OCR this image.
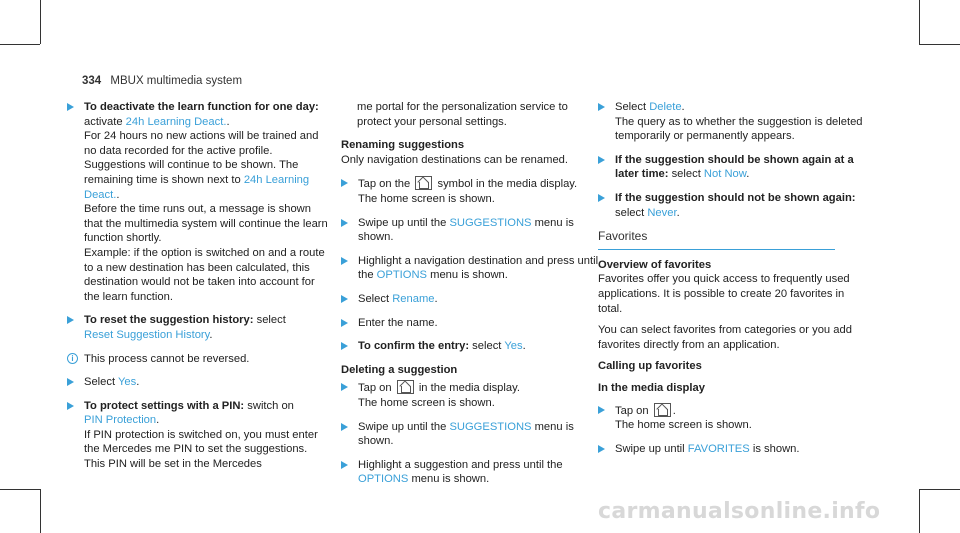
334 MBUX multimedia system

To deactivate the learn function for one day: activate 24h Learning Deact..

For 24 hours no new actions will be trained and no data recorded for the active profile. Suggestions will continue to be shown. The remaining time is shown next to 24h Learning Deact..

Before the time runs out, a message is shown that the multimedia system will continue the learn function shortly.

Example: if the option is switched on and a route to a new destination has been calculated, this destination would not be taken into account for the learn function.

To reset the suggestion history: select
Reset Suggestion History.

i This process cannot be reversed.

Select Yes.

To protect settings with a PIN: switch on
PIN Protection.

If PIN protection is switched on, you must enter the Mercedes me PIN to set the suggestions. This PIN will be set in the Mercedes

me portal for the personalization service to protect your personal settings.

Renaming suggestions

Only navigation destinations can be renamed.

Tap on the symbol in the media display.

The home screen is shown.

Swipe up until the SUGGESTIONS menu is shown.

Highlight a navigation destination and press until the OPTIONS menu is shown.

Select Rename.

Enter the name.

To confirm the entry: select Yes.

Deleting a suggestion

Tap on in the media display.

The home screen is shown.

Swipe up until the SUGGESTIONS menu is shown.

Highlight a suggestion and press until the OPTIONS menu is shown.

Select Delete.

The query as to whether the suggestion is deleted temporarily or permanently appears.

If the suggestion should be shown again at a later time: select Not Now.

If the suggestion should not be shown again: select Never.

Favorites

Overview of favorites

Favorites offer you quick access to frequently used applications. It is possible to create 20 favorites in total.

You can select favorites from categories or you add favorites directly from an application.

Calling up favorites

In the media display

Tap on .

The home screen is shown.

Swipe up until FAVORITES is shown.

carmanualsonline.info
